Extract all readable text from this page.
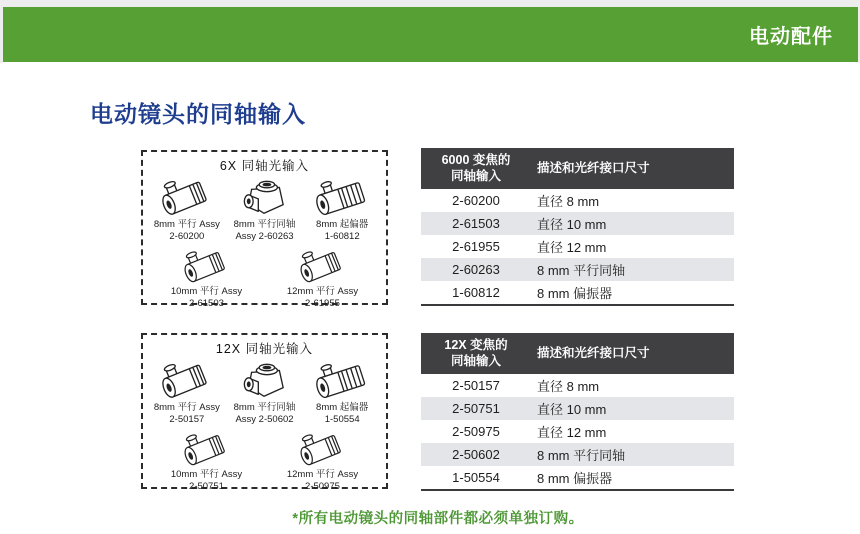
电动配件
电动镜头的同轴输入
6X 同轴光输入
8mm 平行 Assy
2-60200
8mm 平行同轴
Assy 2-60263
8mm 起偏器
1-60812
10mm 平行 Assy
2-61503
12mm 平行 Assy
2-61955
12X 同轴光输入
8mm 平行 Assy
2-50157
8mm 平行同轴
Assy 2-50602
8mm 起偏器
1-50554
10mm 平行 Assy
2-50751
12mm 平行 Assy
2-50975
6000 变焦的
同轴输入
描述和光纤接口尺寸
2-60200	直径 8 mm
2-61503	直径 10 mm
2-61955	直径 12 mm
2-60263	8 mm 平行同轴
1-60812	8 mm 偏振器
12X 变焦的
同轴输入
描述和光纤接口尺寸
2-50157	直径 8 mm
2-50751	直径 10 mm
2-50975	直径 12 mm
2-50602	8 mm 平行同轴
1-50554	8 mm 偏振器

*所有电动镜头的同轴部件都必须单独订购。
